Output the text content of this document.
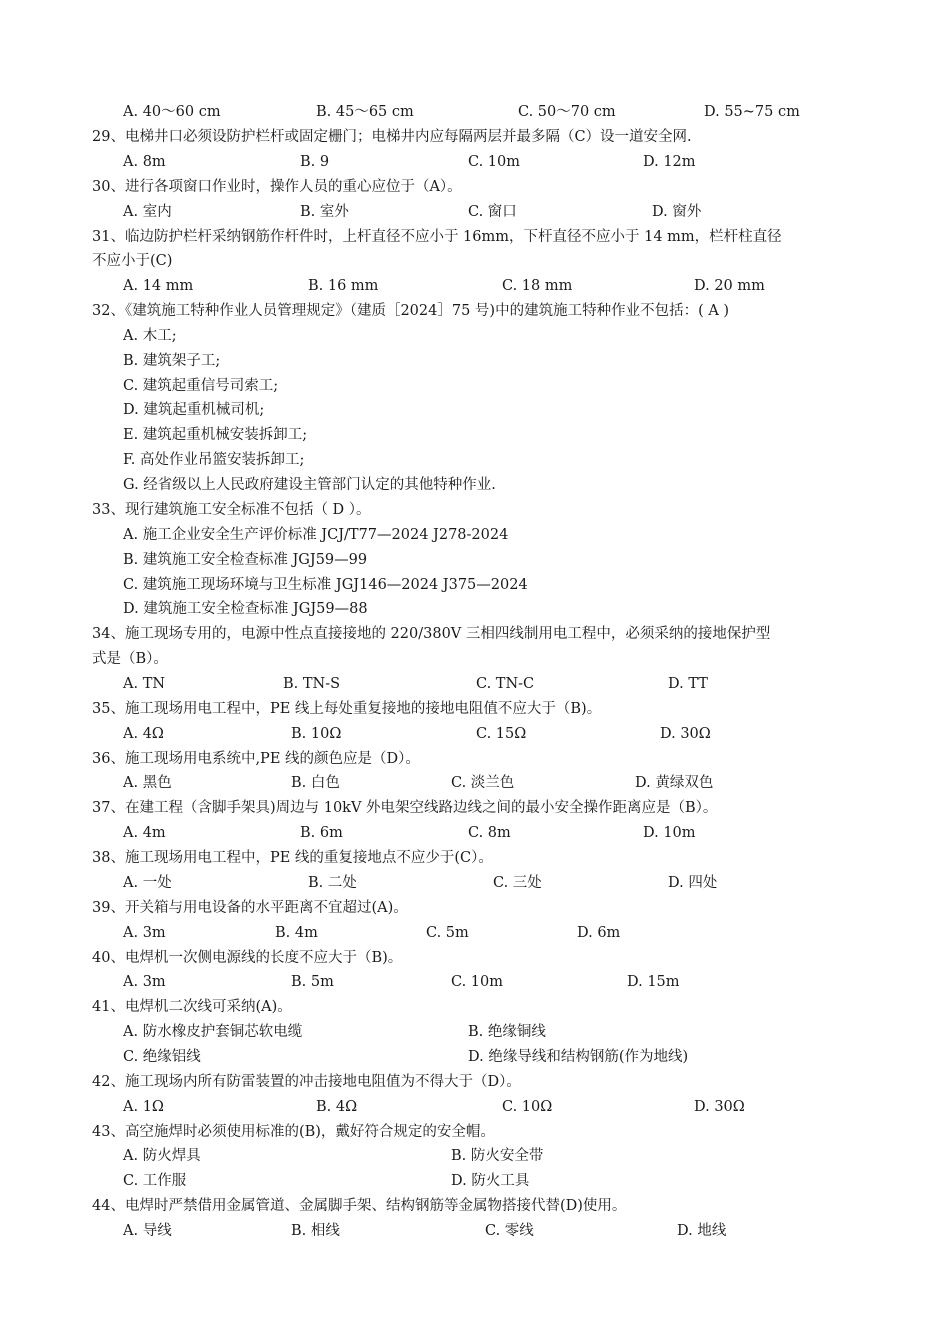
A. 40～60 cm	B. 45～65 cm	C. 50～70 cm	D. 55~75 cm
29、电梯井口必须设防护栏杆或固定栅门；电梯井内应每隔两层并最多隔（C）设一道安全网.
A. 8m	B. 9	C. 10m	D. 12m
30、进行各项窗口作业时，操作人员的重心应位于（A）。
A. 室内	B. 室外	C. 窗口	D. 窗外
31、临边防护栏杆采纳钢筋作杆件时，上杆直径不应小于 16mm，下杆直径不应小于 14 mm，栏杆柱直径
不应小于(C)
A. 14 mm	B. 16 mm	C. 18 mm	D. 20 mm
32、《建筑施工特种作业人员管理规定》（建质［2024］75 号)中的建筑施工特种作业不包括：( A )
A. 木工;
B. 建筑架子工;
C. 建筑起重信号司索工;
D. 建筑起重机械司机;
E. 建筑起重机械安装拆卸工;
F. 高处作业吊篮安装拆卸工;
G. 经省级以上人民政府建设主管部门认定的其他特种作业.
33、现行建筑施工安全标准不包括（ D ）。
A. 施工企业安全生产评价标准 JCJ/T77—2024 J278-2024
B. 建筑施工安全检查标准 JGJ59—99
C. 建筑施工现场环境与卫生标准 JGJ146—2024 J375—2024
D. 建筑施工安全检查标准 JGJ59—88
34、施工现场专用的，电源中性点直接接地的 220/380V 三相四线制用电工程中，必须采纳的接地保护型
式是（B）。
A. TN	B. TN-S	C. TN-C	D. TT
35、施工现场用电工程中，PE 线上每处重复接地的接地电阻值不应大于（B)。
A. 4Ω	B. 10Ω	C. 15Ω	D. 30Ω
36、施工现场用电系统中,PE 线的颜色应是（D）。
A. 黑色	B. 白色	C. 淡兰色	D. 黄绿双色
37、在建工程（含脚手架具)周边与 10kV 外电架空线路边线之间的最小安全操作距离应是（B）。
A. 4m	B. 6m	C. 8m	D. 10m
38、施工现场用电工程中，PE 线的重复接地点不应少于(C）。
A. 一处	B. 二处	C. 三处	D. 四处
39、开关箱与用电设备的水平距离不宜超过(A)。
A. 3m	B. 4m	C. 5m	D. 6m
40、电焊机一次侧电源线的长度不应大于（B)。
A. 3m	B. 5m	C. 10m	D. 15m
41、电焊机二次线可采纳(A)。
A. 防水橡皮护套铜芯软电缆	B. 绝缘铜线
C. 绝缘铝线	D. 绝缘导线和结构钢筋(作为地线)
42、施工现场内所有防雷装置的冲击接地电阻值为不得大于（D）。
A. 1Ω	B. 4Ω	C. 10Ω	D. 30Ω
43、高空施焊时必须使用标准的(B)，戴好符合规定的安全帽。
A. 防火焊具	B. 防火安全带
C. 工作服	D. 防火工具
44、电焊时严禁借用金属管道、金属脚手架、结构钢筋等金属物搭接代替(D)使用。
A. 导线	B. 相线	C. 零线	D. 地线
